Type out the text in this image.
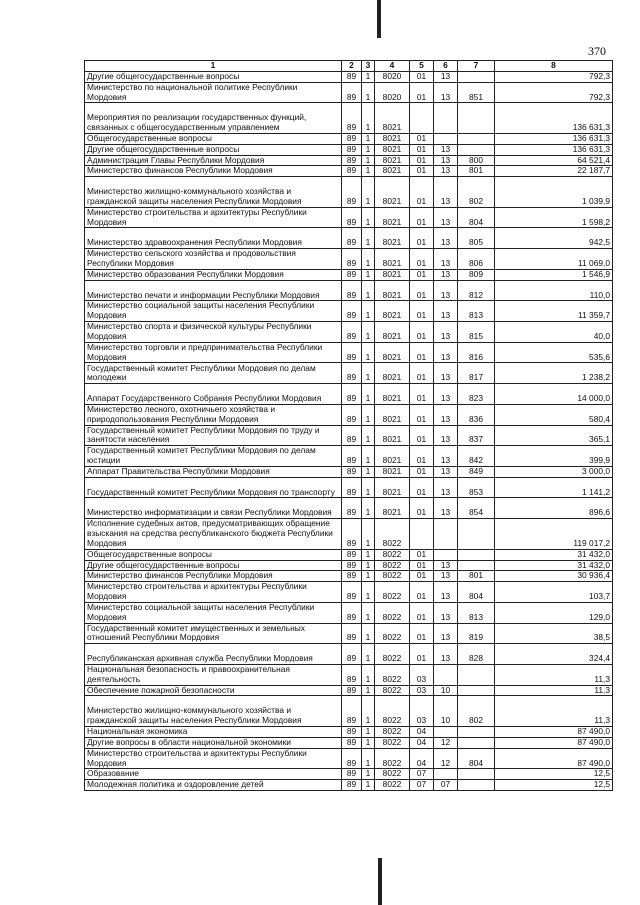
370
1	2	3	4	5	6	7	8
Другие общегосударственные вопросы	89	1	8020	01	13		792,3
Министерство по национальной политике Республики Мордовия	89	1	8020	01	13	851	792,3
Мероприятия по реализации государственных функций, связанных с общегосударственным управлением	89	1	8021				136 631,3
Общегосударственные вопросы	89	1	8021	01			136 631,3
Другие общегосударственные вопросы	89	1	8021	01	13		136 631,3
Администрация Главы Республики Мордовия	89	1	8021	01	13	800	64 521,4
Министерство финансов Республики Мордовия	89	1	8021	01	13	801	22 187,7
Министерство жилищно-коммунального хозяйства и гражданской защиты населения Республики Мордовия	89	1	8021	01	13	802	1 039,9
Министерство строительства и архитектуры Республики Мордовия	89	1	8021	01	13	804	1 598,2
Министерство здравоохранения Республики Мордовия	89	1	8021	01	13	805	942,5
Министерство сельского хозяйства и продовольствия Республики Мордовия	89	1	8021	01	13	806	11 069,0
Министерство образования Республики Мордовия	89	1	8021	01	13	809	1 546,9
Министерство печати и информации Республики Мордовия	89	1	8021	01	13	812	110,0
Министерство социальной защиты населения Республики Мордовия	89	1	8021	01	13	813	11 359,7
Министерство спорта и физической культуры Республики Мордовия	89	1	8021	01	13	815	40,0
Министерство торговли и предпринимательства Республики Мордовия	89	1	8021	01	13	816	535,6
Государственный комитет Республики Мордовия по делам молодежи	89	1	8021	01	13	817	1 238,2
Аппарат Государственного Собрания Республики Мордовия	89	1	8021	01	13	823	14 000,0
Министерство лесного, охотничьего хозяйства и природопользования Республики Мордовия	89	1	8021	01	13	836	580,4
Государственный комитет Республики Мордовия по труду и занятости населения	89	1	8021	01	13	837	365,1
Государственный комитет Республики Мордовия по делам юстиции	89	1	8021	01	13	842	399,9
Аппарат Правительства Республики Мордовия	89	1	8021	01	13	849	3 000,0
Государственный комитет Республики Мордовия по транспорту	89	1	8021	01	13	853	1 141,2
Министерство информатизации и связи Республики Мордовия	89	1	8021	01	13	854	896,6
Исполнение судебных актов, предусматривающих обращение взыскания на средства республиканского бюджета Республики Мордовия	89	1	8022				119 017,2
Общегосударственные вопросы	89	1	8022	01			31 432,0
Другие общегосударственные вопросы	89	1	8022	01	13		31 432,0
Министерство финансов Республики Мордовия	89	1	8022	01	13	801	30 936,4
Министерство строительства и архитектуры Республики Мордовия	89	1	8022	01	13	804	103,7
Министерство социальной защиты населения Республики Мордовия	89	1	8022	01	13	813	129,0
Государственный комитет имущественных и земельных отношений Республики Мордовия	89	1	8022	01	13	819	38,5
Республиканская архивная служба Республики Мордовия	89	1	8022	01	13	828	324,4
Национальная безопасность и правоохранительная деятельность	89	1	8022	03			11,3
Обеспечение пожарной безопасности	89	1	8022	03	10		11,3
Министерство жилищно-коммунального хозяйства и гражданской защиты населения Республики Мордовия	89	1	8022	03	10	802	11,3
Национальная экономика	89	1	8022	04			87 490,0
Другие вопросы в области национальной экономики	89	1	8022	04	12		87 490,0
Министерство строительства и архитектуры Республики Мордовия	89	1	8022	04	12	804	87 490,0
Образование	89	1	8022	07			12,5
Молодежная политика и оздоровление детей	89	1	8022	07	07		12,5
